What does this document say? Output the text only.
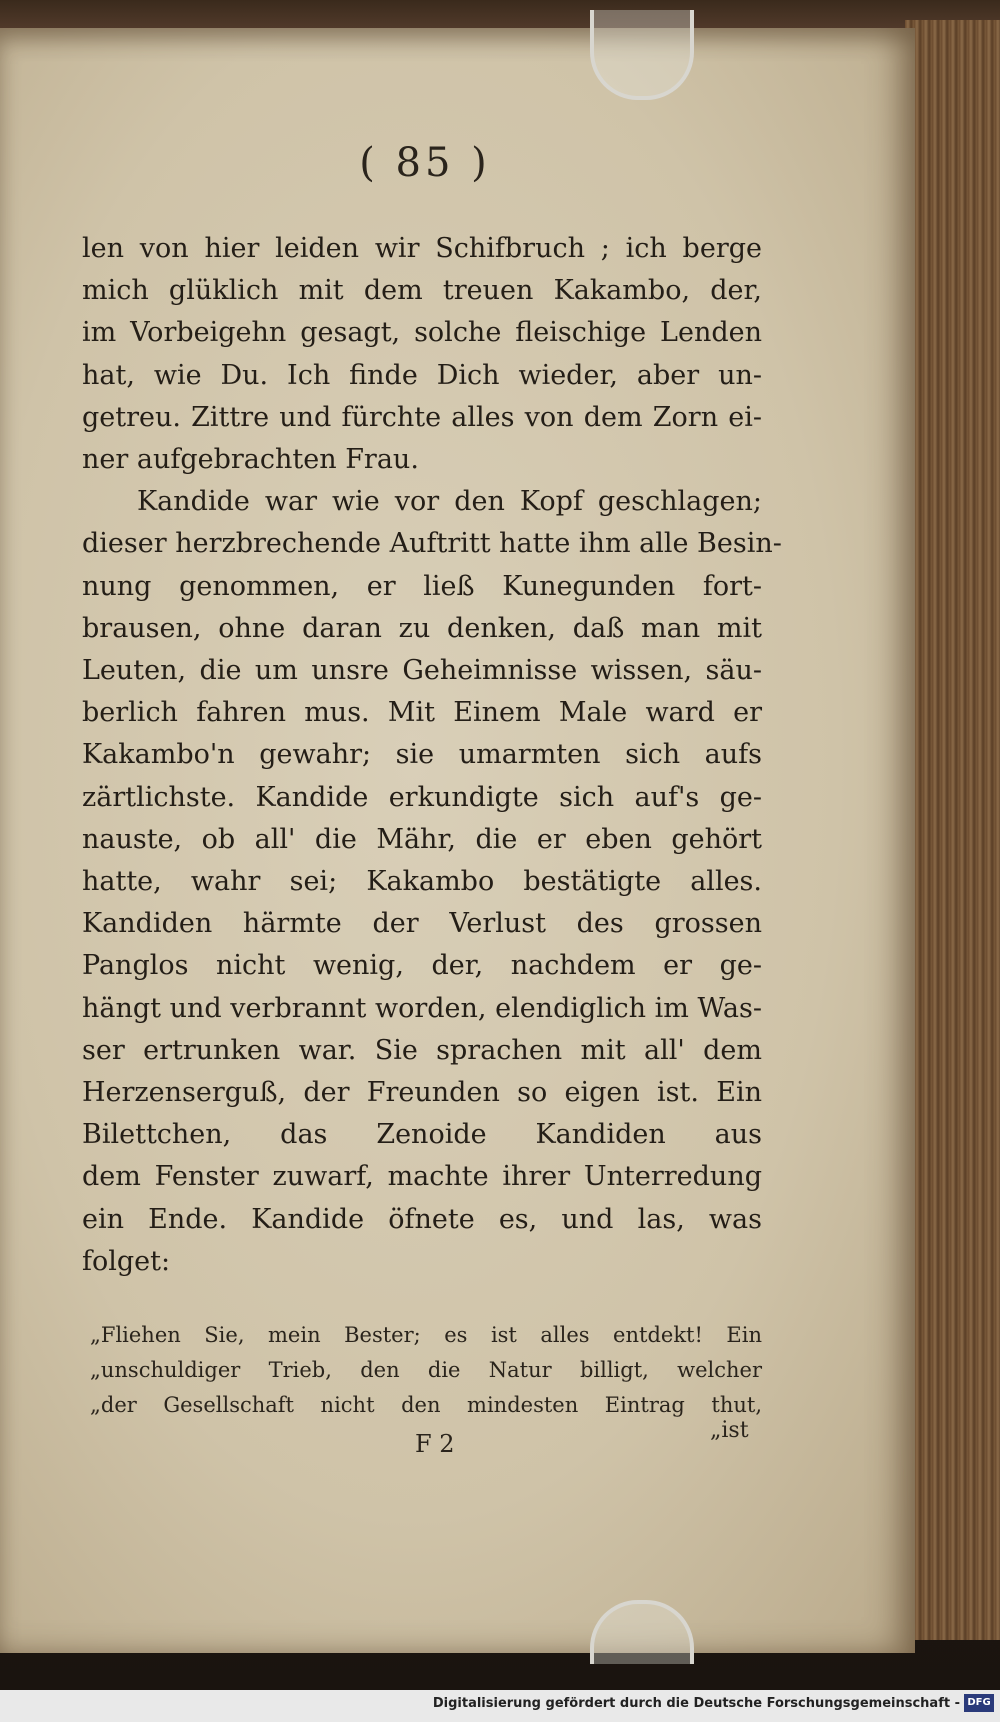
( 85 )
len von hier leiden wir Schifbruch ; ich berge
mich glüklich mit dem treuen Kakambo, der,
im Vorbeigehn gesagt, solche fleischige Lenden
hat, wie Du. Ich finde Dich wieder, aber un-
getreu. Zittre und fürchte alles von dem Zorn ei-
ner aufgebrachten Frau.
Kandide war wie vor den Kopf geschlagen;
dieser herzbrechende Auftritt hatte ihm alle Besin-
nung genommen, er ließ Kunegunden fort-
brausen, ohne daran zu denken, daß man mit
Leuten, die um unsre Geheimnisse wissen, säu-
berlich fahren mus. Mit Einem Male ward er
Kakambo'n gewahr; sie umarmten sich aufs
zärtlichste. Kandide erkundigte sich auf's ge-
nauste, ob all' die Mähr, die er eben gehört
hatte, wahr sei; Kakambo bestätigte alles.
Kandiden härmte der Verlust des grossen
Panglos nicht wenig, der, nachdem er ge-
hängt und verbrannt worden, elendiglich im Was-
ser ertrunken war. Sie sprachen mit all' dem
Herzenserguß, der Freunden so eigen ist. Ein
Bilettchen, das Zenoide Kandiden aus
dem Fenster zuwarf, machte ihrer Unterredung
ein Ende. Kandide öfnete es, und las, was
folget:
„Fliehen Sie, mein Bester; es ist alles entdekt! Ein
„unschuldiger Trieb, den die Natur billigt, welcher
„der Gesellschaft nicht den mindesten Eintrag thut,
F 2	„ist
Digitalisierung gefördert durch die Deutsche Forschungsgemeinschaft - DFG
